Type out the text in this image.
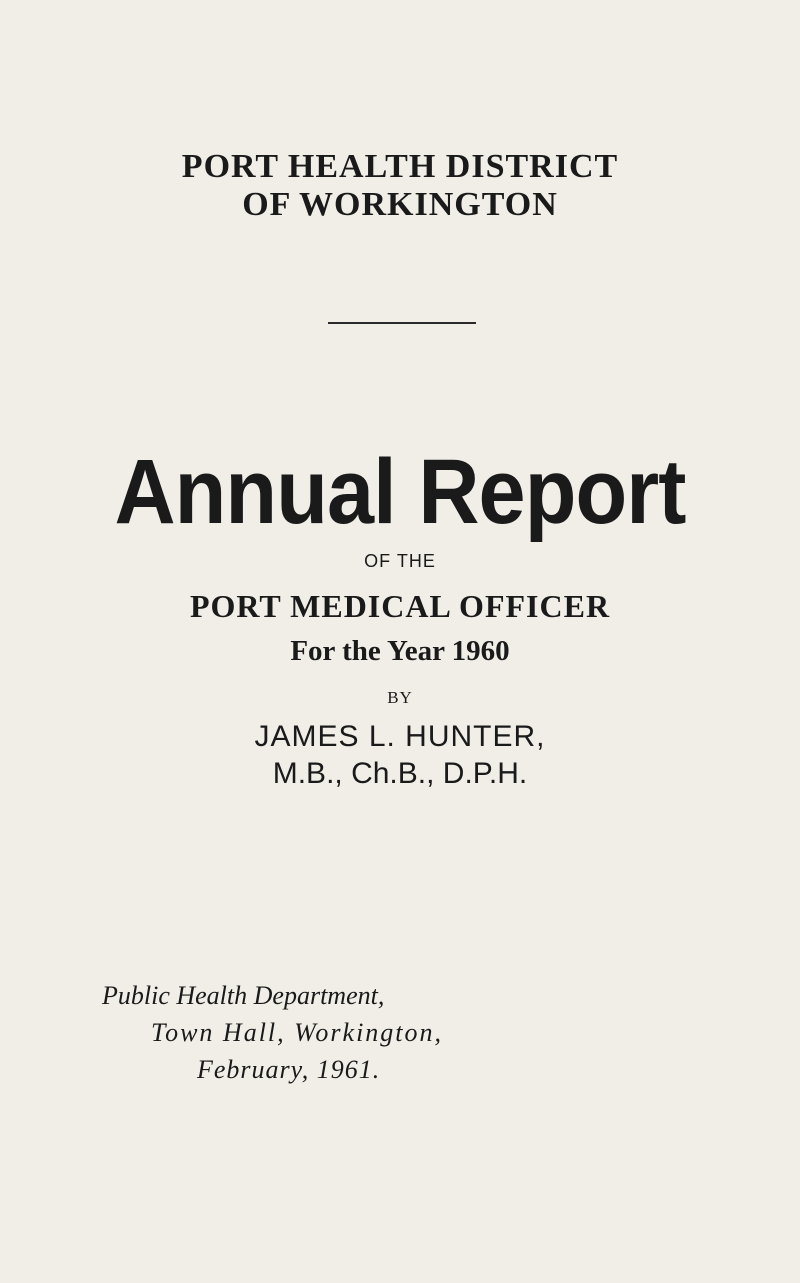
PORT HEALTH DISTRICT
OF WORKINGTON
Annual Report
OF THE
PORT MEDICAL OFFICER
For the Year 1960
BY
JAMES L. HUNTER,
M.B., Ch.B., D.P.H.
Public Health Department,
Town Hall, Workington,
February, 1961.
